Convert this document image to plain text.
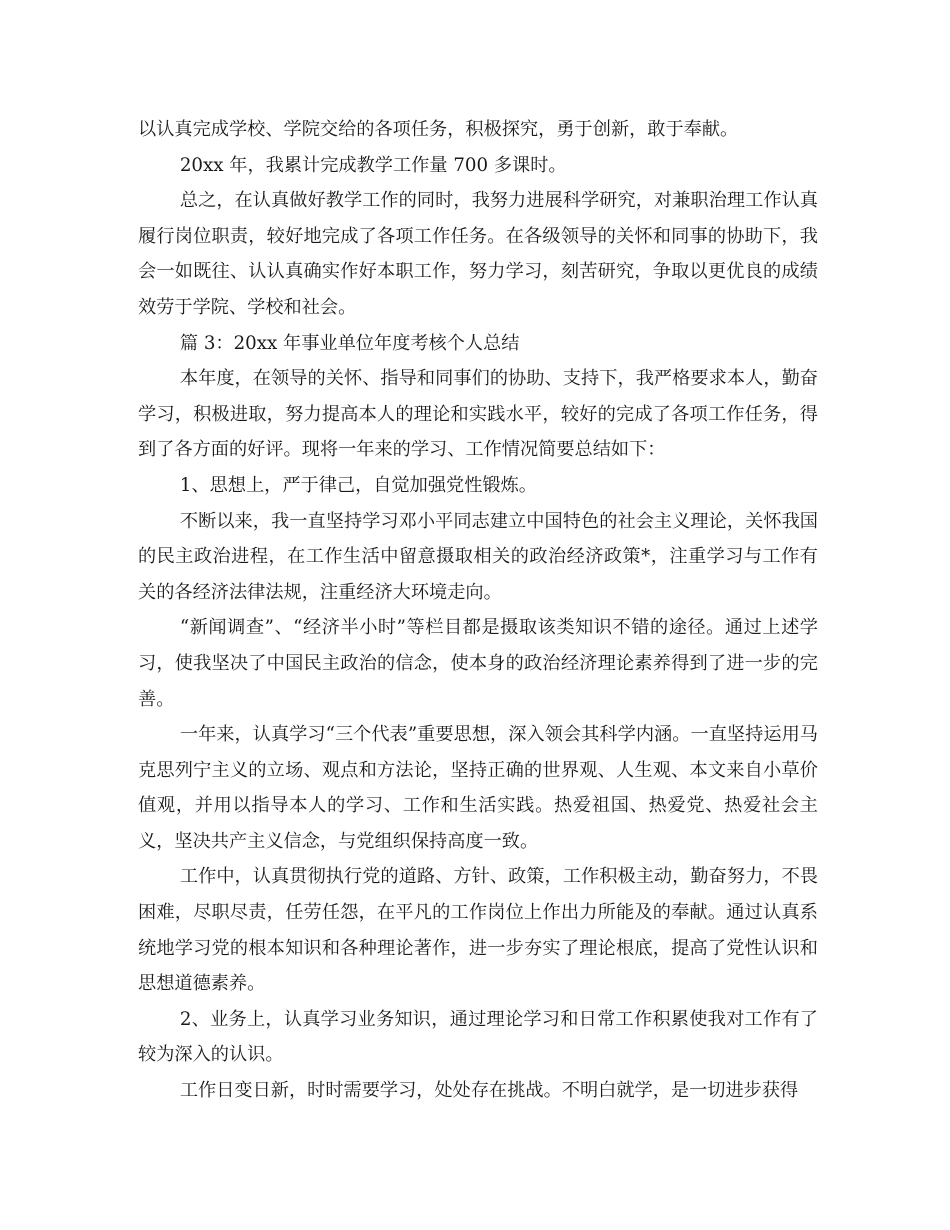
以认真完成学校、学院交给的各项任务，积极探究，勇于创新，敢于奉献。

20xx 年，我累计完成教学工作量 700 多课时。

总之，在认真做好教学工作的同时，我努力进展科学研究，对兼职治理工作认真履行岗位职责，较好地完成了各项工作任务。在各级领导的关怀和同事的协助下，我会一如既往、认认真确实作好本职工作，努力学习，刻苦研究，争取以更优良的成绩效劳于学院、学校和社会。

篇 3：20xx 年事业单位年度考核个人总结

本年度，在领导的关怀、指导和同事们的协助、支持下，我严格要求本人，勤奋学习，积极进取，努力提高本人的理论和实践水平，较好的完成了各项工作任务，得到了各方面的好评。现将一年来的学习、工作情况简要总结如下：

1、思想上，严于律己，自觉加强党性锻炼。

不断以来，我一直坚持学习邓小平同志建立中国特色的社会主义理论，关怀我国的民主政治进程，在工作生活中留意摄取相关的政治经济政策*，注重学习与工作有关的各经济法律法规，注重经济大环境走向。

“新闻调查”、“经济半小时”等栏目都是摄取该类知识不错的途径。通过上述学习，使我坚决了中国民主政治的信念，使本身的政治经济理论素养得到了进一步的完善。

一年来，认真学习“三个代表”重要思想，深入领会其科学内涵。一直坚持运用马克思列宁主义的立场、观点和方法论，坚持正确的世界观、人生观、本文来自小草价值观，并用以指导本人的学习、工作和生活实践。热爱祖国、热爱党、热爱社会主义，坚决共产主义信念，与党组织保持高度一致。

工作中，认真贯彻执行党的道路、方针、政策，工作积极主动，勤奋努力，不畏困难，尽职尽责，任劳任怨，在平凡的工作岗位上作出力所能及的奉献。通过认真系统地学习党的根本知识和各种理论著作，进一步夯实了理论根底，提高了党性认识和思想道德素养。

2、业务上，认真学习业务知识，通过理论学习和日常工作积累使我对工作有了较为深入的认识。

工作日变日新，时时需要学习，处处存在挑战。不明白就学，是一切进步获得
